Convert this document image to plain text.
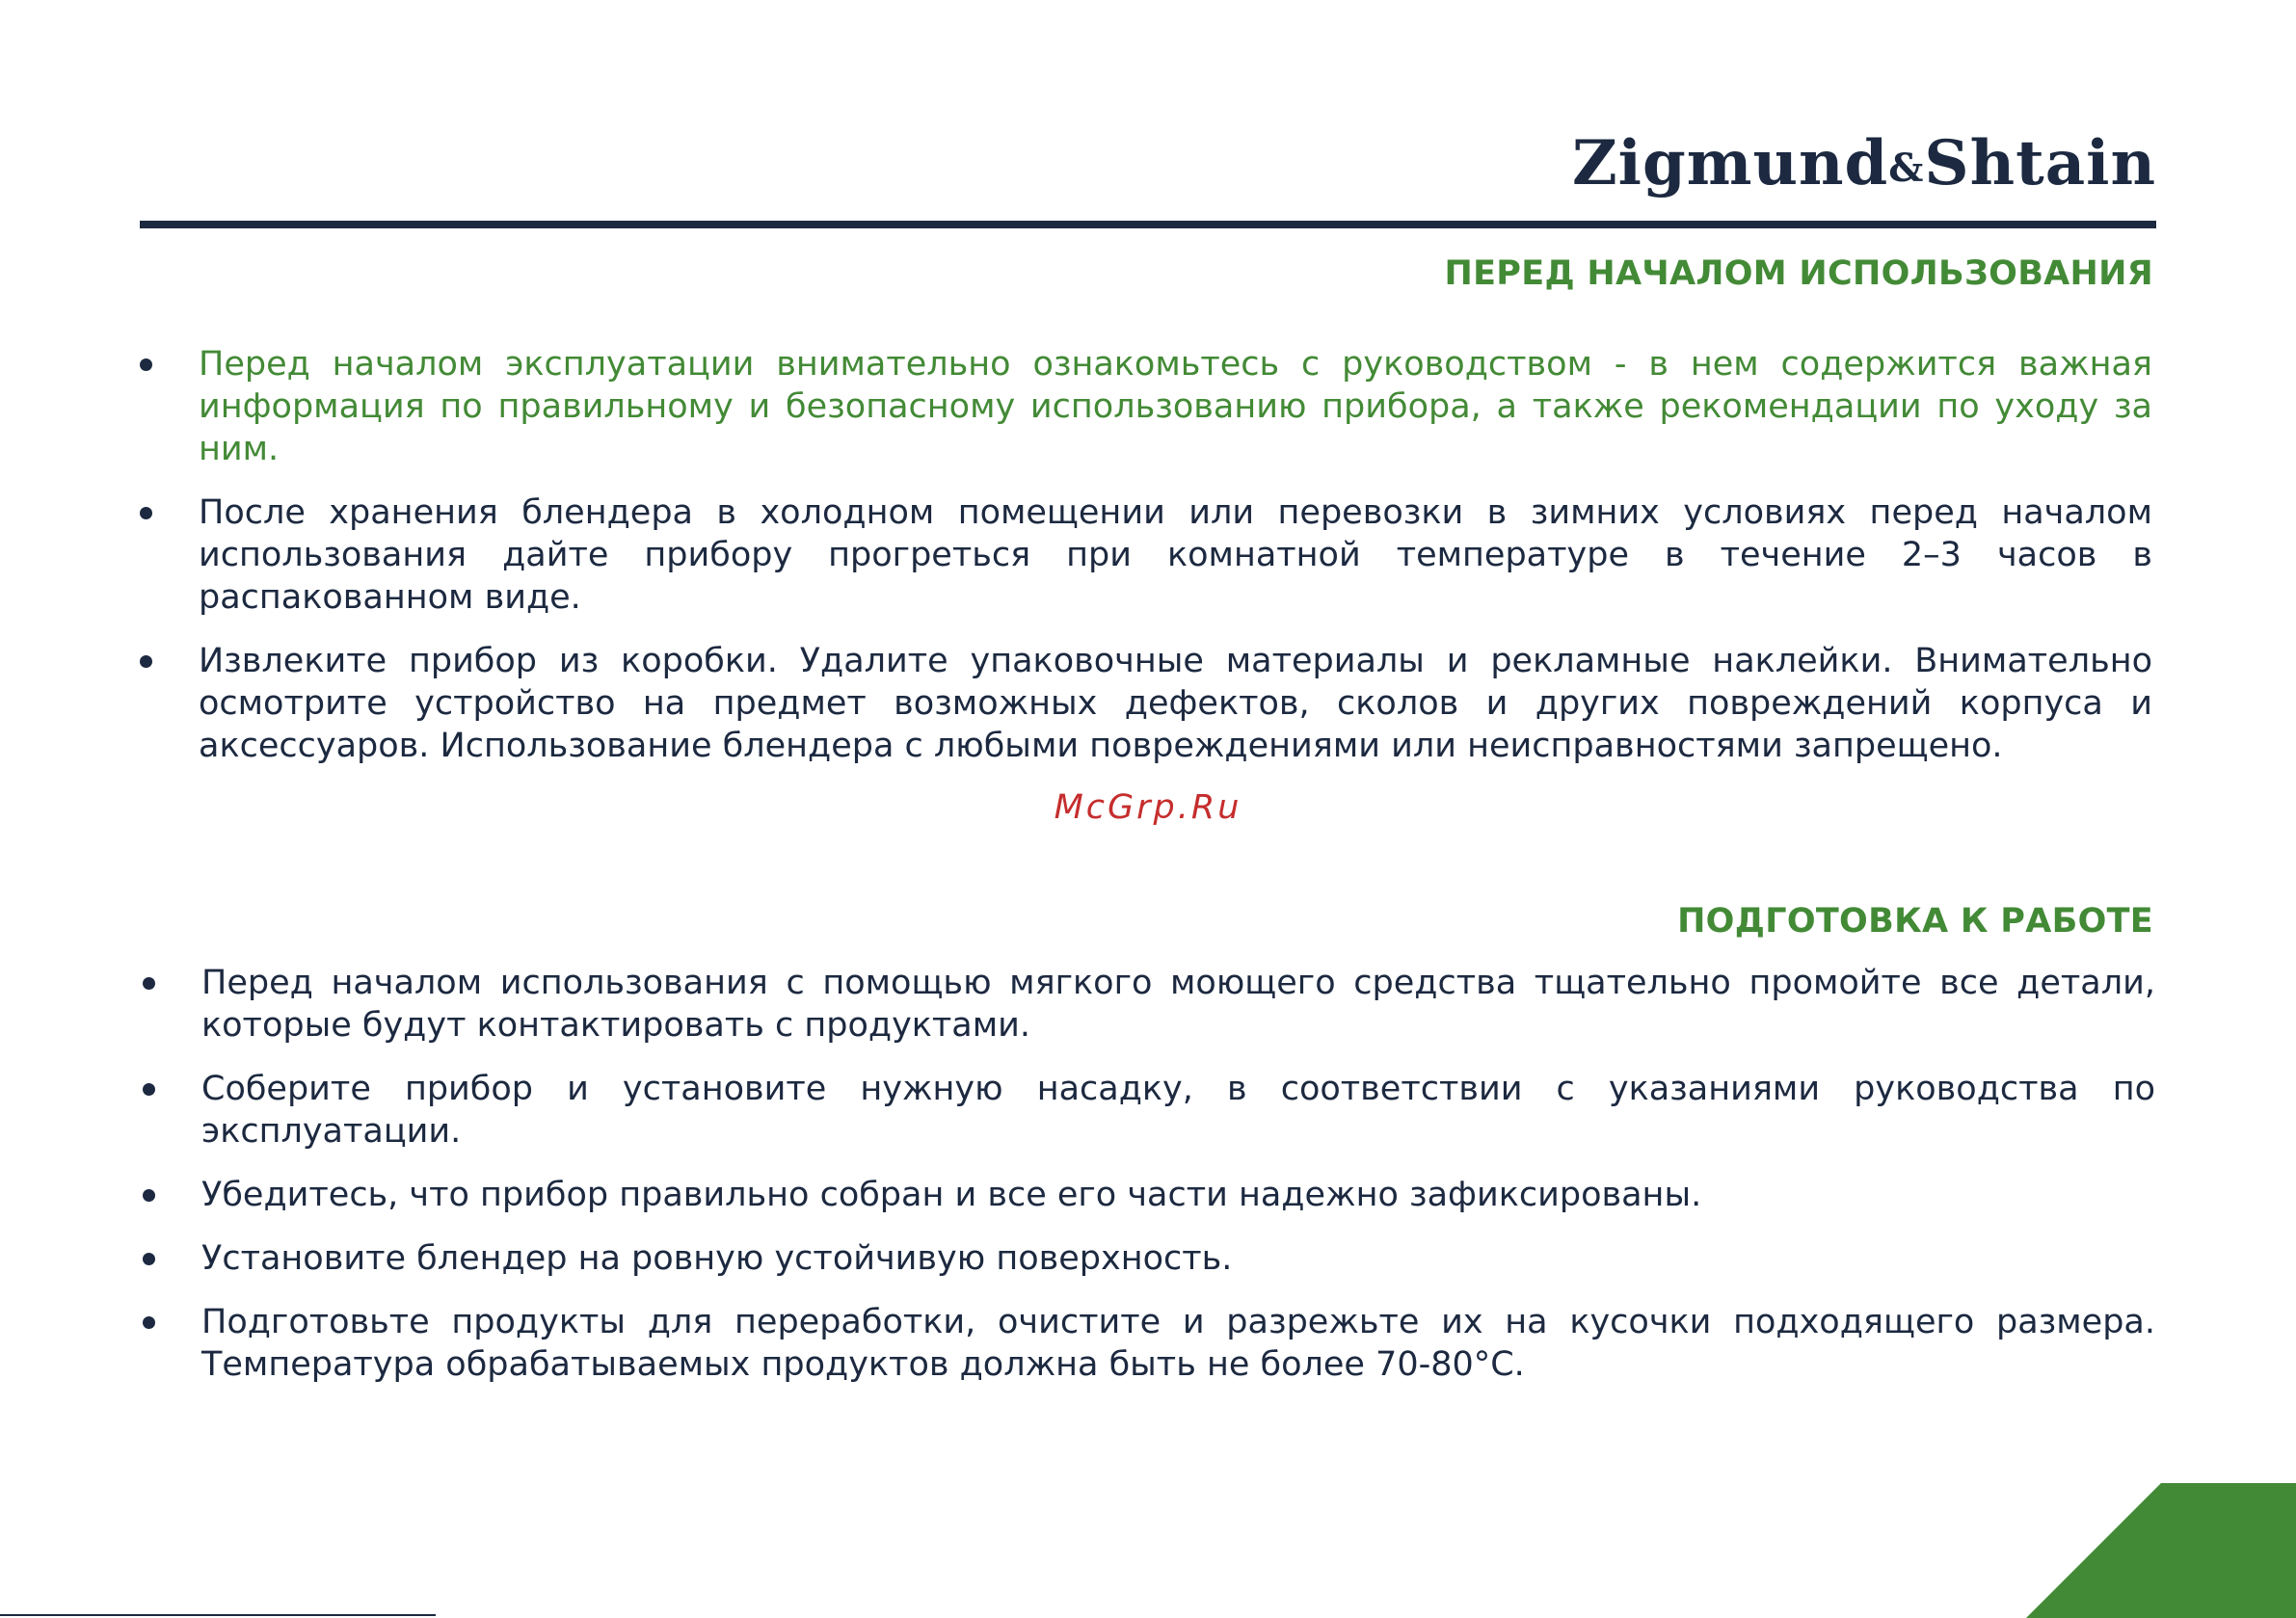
Zigmund&Shtain
ПЕРЕД НАЧАЛОМ ИСПОЛЬЗОВАНИЯ
Перед началом эксплуатации внимательно ознакомьтесь с руководством - в нем содержится важная информация по правильному и безопасному использованию прибора, а также рекомендации по уходу за ним.
После хранения блендера в холодном помещении или перевозки в зимних условиях перед началом использования дайте прибору прогреться при комнатной температуре в течение 2–3 часов в распакованном виде.
Извлеките прибор из коробки. Удалите упаковочные материалы и рекламные наклейки. Внимательно осмотрите устройство на предмет возможных дефектов, сколов и других повреждений корпуса и аксессуаров. Использование блендера с любыми повреждениями или неисправностями запрещено.
McGrp.Ru
ПОДГОТОВКА К РАБОТЕ
Перед началом использования с помощью мягкого моющего средства тщательно промойте все детали, которые будут контактировать с продуктами.
Соберите прибор и установите нужную насадку, в соответствии с указаниями руководства по эксплуатации.
Убедитесь, что прибор правильно собран и все его части надежно зафиксированы.
Установите блендер на ровную устойчивую поверхность.
Подготовьте продукты для переработки, очистите и разрежьте их на кусочки подходящего размера. Температура обрабатываемых продуктов должна быть не более 70-80°С.
